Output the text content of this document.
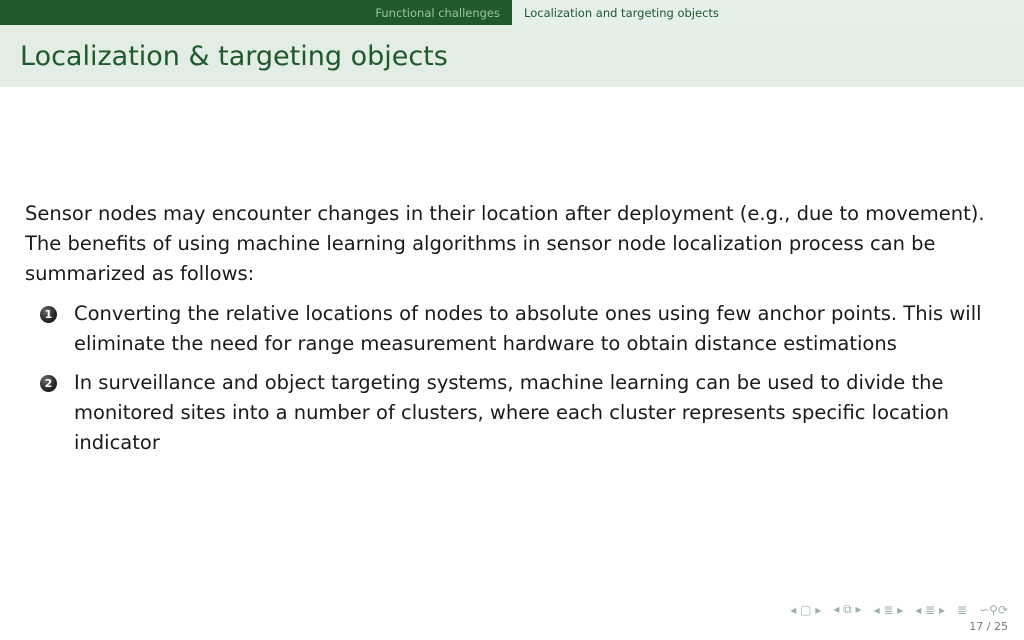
Functional challenges	Localization and targeting objects
Localization & targeting objects

Sensor nodes may encounter changes in their location after deployment (e.g., due to movement). The benefits of using machine learning algorithms in sensor node localization process can be summarized as follows:

1 Converting the relative locations of nodes to absolute ones using few anchor points. This will eliminate the need for range measurement hardware to obtain distance estimations
2 In surveillance and object targeting systems, machine learning can be used to divide the monitored sites into a number of clusters, where each cluster represents specific location indicator
◂ ▢ ▸ ◂ ⧉ ▸ ◂ ≣ ▸ ◂ ≣ ▸ ≣ ∽⚲⟳
17 / 25
